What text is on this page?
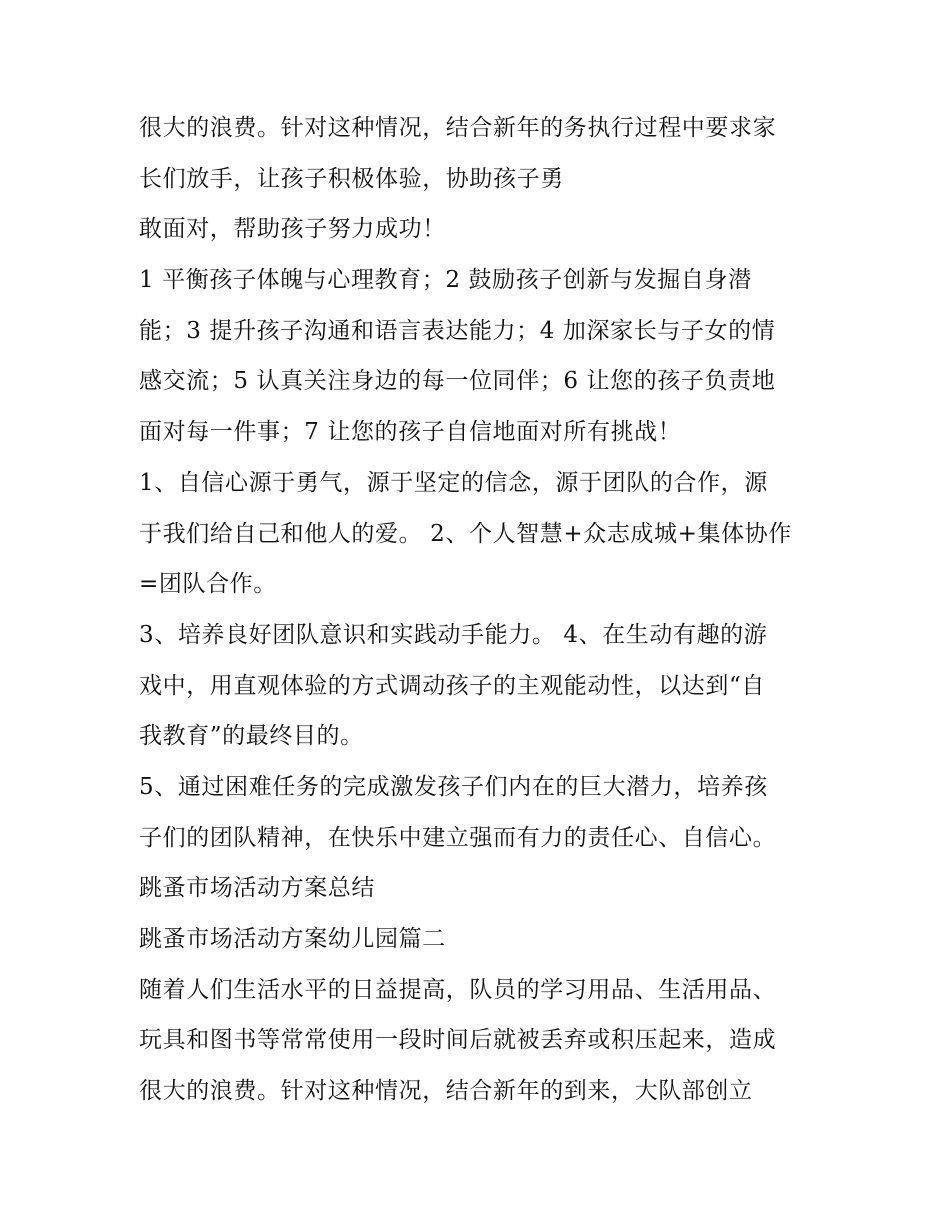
很大的浪费。针对这种情况，结合新年的务执行过程中要求家
长们放手，让孩子积极体验，协助孩子勇
敢面对，帮助孩子努力成功！
1 平衡孩子体魄与心理教育；2 鼓励孩子创新与发掘自身潜
能；3 提升孩子沟通和语言表达能力；4 加深家长与子女的情
感交流；5 认真关注身边的每一位同伴；6 让您的孩子负责地
面对每一件事；7 让您的孩子自信地面对所有挑战！
1、自信心源于勇气，源于坚定的信念，源于团队的合作，源
于我们给自己和他人的爱。 2、个人智慧+众志成城+集体协作
=团队合作。
3、培养良好团队意识和实践动手能力。 4、在生动有趣的游
戏中，用直观体验的方式调动孩子的主观能动性，以达到“自
我教育”的最终目的。
5、通过困难任务的完成激发孩子们内在的巨大潜力，培养孩
子们的团队精神，在快乐中建立强而有力的责任心、自信心。
跳蚤市场活动方案总结
跳蚤市场活动方案幼儿园篇二
随着人们生活水平的日益提高，队员的学习用品、生活用品、
玩具和图书等常常使用一段时间后就被丢弃或积压起来，造成
很大的浪费。针对这种情况，结合新年的到来，大队部创立
